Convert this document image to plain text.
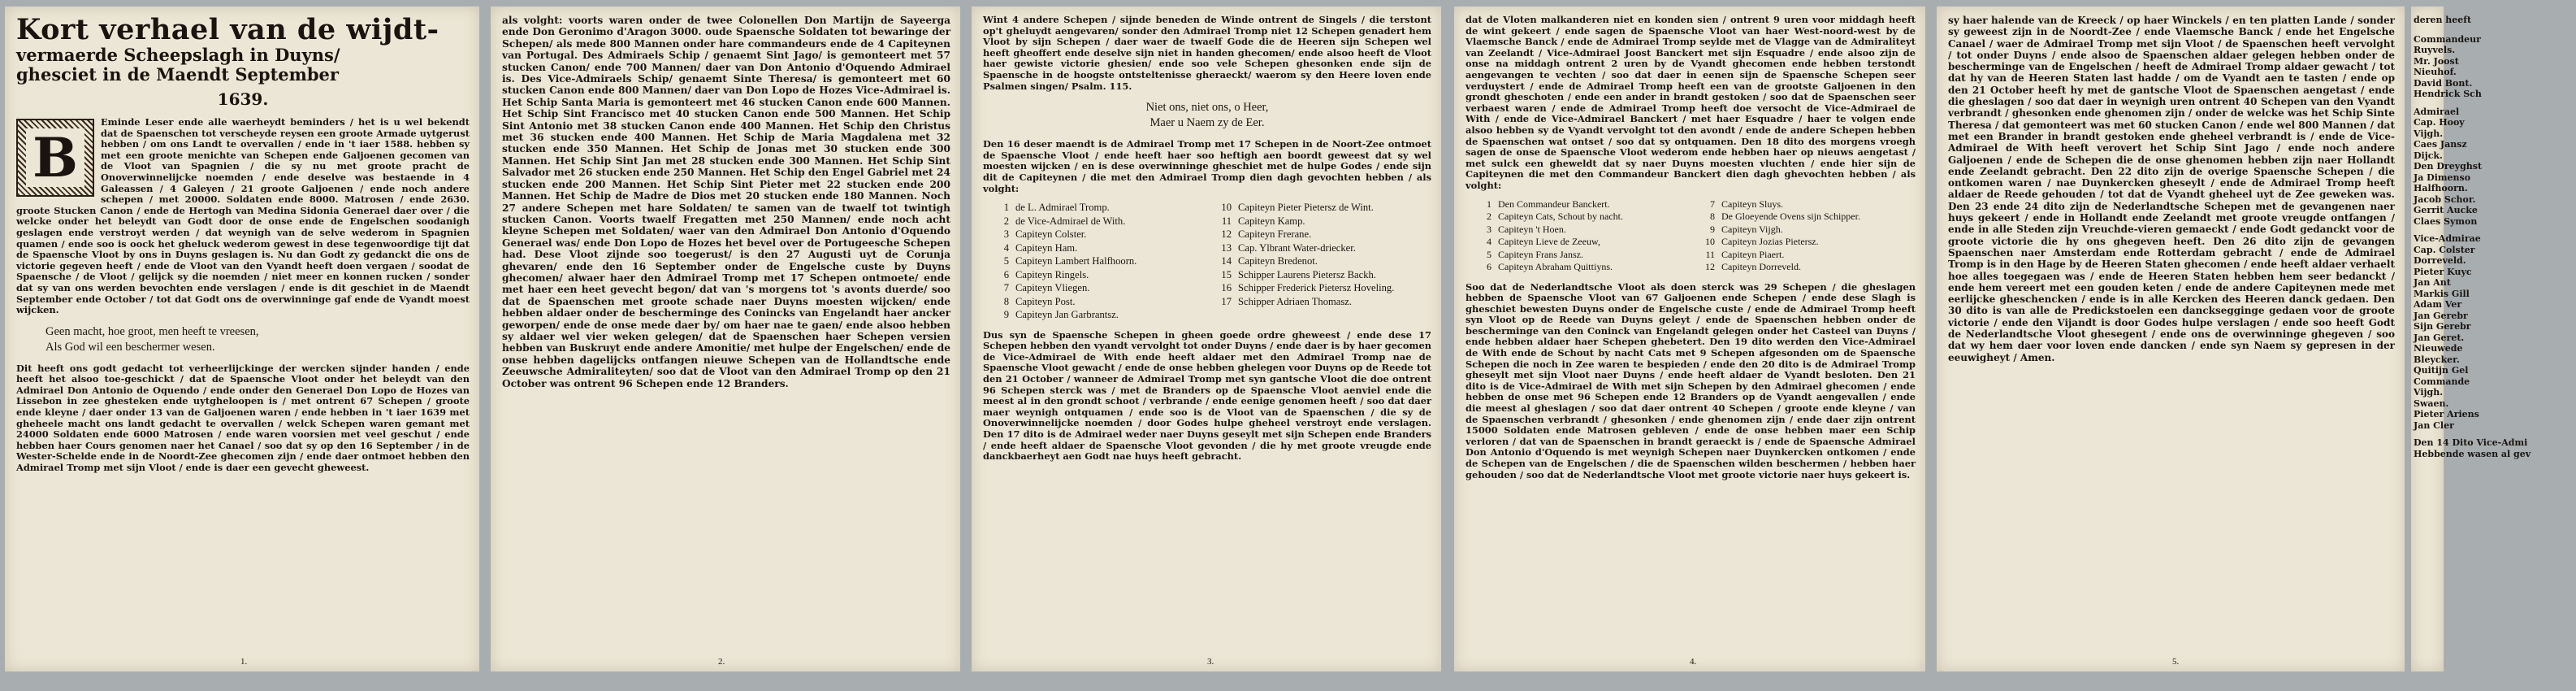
Kort verhael van de wijdt-

vermaerde Scheepslagh in Duyns/

ghesciet in de Maendt September

1639.
B

Eminde Leser ende alle waerheydt beminders / het is u wel bekendt dat de Spaenschen tot verscheyde reysen een groote Armade uytgerust hebben / om ons Landt te overvallen / ende in 't iaer 1588. hebben sy met een groote menichte van Schepen ende Galjoenen gecomen van de Vloot van Spagnien / die sy nu met groote pracht de Onoverwinnelijcke noemden / ende deselve was bestaende in 4 Galeassen / 4 Galeyen / 21 groote Galjoenen / ende noch andere schepen / met 20000. Soldaten ende 8000. Matrosen / ende 2630. groote Stucken Canon / ende de Hertogh van Medina Sidonia Generael daer over / die welcke onder het beleydt van Godt door de onse ende de Engelschen soodanigh geslagen ende verstroyt werden / dat weynigh van de selve wederom in Spagnien quamen / ende soo is oock het gheluck wederom gewest in dese tegenwoordige tijt dat de Spaensche Vloot by ons in Duyns geslagen is. Nu dan Godt zy gedanckt die ons de victorie gegeven heeft / ende de Vloot van den Vyandt heeft doen vergaen / soodat de Spaensche / de Vloot / gelijck sy die noemden / niet meer en konnen rucken / sonder dat sy van ons werden bevochten ende verslagen / ende is dit geschiet in de Maendt September ende October / tot dat Godt ons de overwinninge gaf ende de Vyandt moest wijcken.

Geen macht, hoe groot, men heeft te vreesen,
Als God wil een beschermer wesen.

Dit heeft ons godt gedacht tot verheerlijckinge der wercken sijnder handen / ende heeft het alsoo toe-geschickt / dat de Spaensche Vloot onder het beleydt van den Admirael Don Antonio de Oquendo / ende onder den Generael Don Lopo de Hozes van Lissebon in zee ghesteken ende uytgheloopen is / met ontrent 67 Schepen / groote ende kleyne / daer onder 13 van de Galjoenen waren / ende hebben in 't iaer 1639 met gheheele macht ons landt gedacht te overvallen / welck Schepen waren gemant met 24000 Soldaten ende 6000 Matrosen / ende waren voorsien met veel geschut / ende hebben haer Cours genomen naer het Canael / soo dat sy op den 16 September / in de Wester-Schelde ende in de Noordt-Zee ghecomen zijn / ende daer ontmoet hebben den Admirael Tromp met sijn Vloot / ende is daer een gevecht gheweest.

1.

als volght: voorts waren onder de twee Colonellen Don Martijn de Sayeerga ende Don Geronimo d'Aragon 3000. oude Spaensche Soldaten tot bewaringe der Schepen/ als mede 800 Mannen onder hare commandeurs ende de 4 Capiteynen van Portugal. Des Admiraels Schip / genaemt Sint Jago/ is gemonteert met 57 stucken Canon/ ende 700 Mannen/ daer van Don Antonio d'Oquendo Admirael is. Des Vice-Admiraels Schip/ genaemt Sinte Theresa/ is gemonteert met 60 stucken Canon ende 800 Mannen/ daer van Don Lopo de Hozes Vice-Admirael is. Het Schip Santa Maria is gemonteert met 46 stucken Canon ende 600 Mannen. Het Schip Sint Francisco met 40 stucken Canon ende 500 Mannen. Het Schip Sint Antonio met 38 stucken Canon ende 400 Mannen. Het Schip den Christus met 36 stucken ende 400 Mannen. Het Schip de Maria Magdalena met 32 stucken ende 350 Mannen. Het Schip de Jonas met 30 stucken ende 300 Mannen. Het Schip Sint Jan met 28 stucken ende 300 Mannen. Het Schip Sint Salvador met 26 stucken ende 250 Mannen. Het Schip den Engel Gabriel met 24 stucken ende 200 Mannen. Het Schip Sint Pieter met 22 stucken ende 200 Mannen. Het Schip de Madre de Dios met 20 stucken ende 180 Mannen. Noch 27 andere Schepen met hare Soldaten/ te samen van de twaelf tot twintigh stucken Canon. Voorts twaelf Fregatten met 250 Mannen/ ende noch acht kleyne Schepen met Soldaten/ waer van den Admirael Don Antonio d'Oquendo Generael was/ ende Don Lopo de Hozes het bevel over de Portugeesche Schepen had. Dese Vloot zijnde soo toegerust/ is den 27 Augusti uyt de Corunja ghevaren/ ende den 16 September onder de Engelsche custe by Duyns ghecomen/ alwaer haer den Admirael Tromp met 17 Schepen ontmoete/ ende met haer een heet gevecht begon/ dat van 's morgens tot 's avonts duerde/ soo dat de Spaenschen met groote schade naer Duyns moesten wijcken/ ende hebben aldaer onder de bescherminge des Conincks van Engelandt haer ancker geworpen/ ende de onse mede daer by/ om haer nae te gaen/ ende alsoo hebben sy aldaer wel vier weken gelegen/ dat de Spaenschen haer Schepen versien hebben van Buskruyt ende andere Amonitie/ met hulpe der Engelschen/ ende de onse hebben dagelijcks ontfangen nieuwe Schepen van de Hollandtsche ende Zeeuwsche Admiraliteyten/ soo dat de Vloot van den Admirael Tromp op den 21 October was ontrent 96 Schepen ende 12 Branders.

2.

Wint 4 andere Schepen / sijnde beneden de Winde ontrent de Singels / die terstont op't gheluydt aengevaren/ sonder den Admirael Tromp niet 12 Schepen genadert hem Vloot by sijn Schepen / daer waer de twaelf Gode die de Heeren sijn Schepen wel heeft gheoffert ende deselve sijn niet in handen ghecomen/ ende alsoo heeft de Vloot haer gewiste victorie ghesien/ ende soo vele Schepen ghesonken ende sijn de Spaensche in de hoogste ontsteltenisse gheraeckt/ waerom sy den Heere loven ende Psalmen singen/ Psalm. 115.

Niet ons, niet ons, o Heer,
Maer u Naem zy de Eer.

Den 16 deser maendt is de Admirael Tromp met 17 Schepen in de Noort-Zee ontmoet de Spaensche Vloot / ende heeft haer soo heftigh aen boordt geweest dat sy wel moesten wijcken / en is dese overwinninge gheschiet met de hulpe Godes / ende sijn dit de Capiteynen / die met den Admirael Tromp dien dagh gevochten hebben / als volght:

1 de L. Admirael Tromp.
2 de Vice-Admirael de With.
3 Capiteyn Colster.
4 Capiteyn Ham.
5 Capiteyn Lambert Halfhoorn.
6 Capiteyn Ringels.
7 Capiteyn Vliegen.
8 Capiteyn Post.
9 Capiteyn Jan Garbrantsz.
10 Capiteyn Pieter Pietersz de Wint.
11 Capiteyn Kamp.
12 Capiteyn Frerane.
13 Cap. Ylbrant Water-driecker.
14 Capiteyn Bredenot.
15 Schipper Laurens Pietersz Backh.
16 Schipper Frederick Pietersz Hoveling.
17 Schipper Adriaen Thomasz.

Dus syn de Spaensche Schepen in gheen goede ordre gheweest / ende dese 17 Schepen hebben den vyandt vervolght tot onder Duyns / ende daer is by haer gecomen de Vice-Admirael de With ende heeft aldaer met den Admirael Tromp nae de Spaensche Vloot gewacht / ende de onse hebben ghelegen voor Duyns op de Reede tot den 21 October / wanneer de Admirael Tromp met syn gantsche Vloot die doe ontrent 96 Schepen sterck was / met de Branders op de Spaensche Vloot aenviel ende die meest al in den grondt schoot / verbrande / ende eenige genomen heeft / soo dat daer maer weynigh ontquamen / ende soo is de Vloot van de Spaenschen / die sy de Onoverwinnelijcke noemden / door Godes hulpe gheheel verstroyt ende verslagen. Den 17 dito is de Admirael weder naer Duyns geseylt met sijn Schepen ende Branders / ende heeft aldaer de Spaensche Vloot gevonden / die hy met groote vreugde ende danckbaerheyt aen Godt nae huys heeft gebracht.

3.

dat de Vloten malkanderen niet en konden sien / ontrent 9 uren voor middagh heeft de wint gekeert / ende sagen de Spaensche Vloot van haer West-noord-west by de Vlaemsche Banck / ende de Admirael Tromp seylde met de Vlagge van de Admiraliteyt van Zeelandt / Vice-Admirael Joost Banckert met sijn Esquadre / ende alsoo zijn de onse na middagh ontrent 2 uren by de Vyandt ghecomen ende hebben terstondt aengevangen te vechten / soo dat daer in eenen sijn de Spaensche Schepen seer verduystert / ende de Admirael Tromp heeft een van de grootste Galjoenen in den grondt gheschoten / ende een ander in brandt gestoken / soo dat de Spaenschen seer verbaest waren / ende de Admirael Tromp heeft doe versocht de Vice-Admirael de With / ende de Vice-Admirael Banckert / met haer Esquadre / haer te volgen ende alsoo hebben sy de Vyandt vervolght tot den avondt / ende de andere Schepen hebben de Spaenschen wat ontset / soo dat sy ontquamen. Den 18 dito des morgens vroegh sagen de onse de Spaensche Vloot wederom ende hebben haer op nieuws aengetast / met sulck een gheweldt dat sy naer Duyns moesten vluchten / ende hier sijn de Capiteynen die met den Commandeur Banckert dien dagh ghevochten hebben / als volght:

1 Den Commandeur Banckert.
2 Capiteyn Cats, Schout by nacht.
3 Capiteyn 't Hoen.
4 Capiteyn Lieve de Zeeuw,
5 Capiteyn Frans Jansz.
6 Capiteyn Abraham Quittiyns.
7 Capiteyn Sluys.
8 De Gloeyende Ovens sijn Schipper.
9 Capiteyn Vijgh.
10 Capiteyn Jozias Pietersz.
11 Capiteyn Piaert.
12 Capiteyn Dorreveld.

Soo dat de Nederlandtsche Vloot als doen sterck was 29 Schepen / die gheslagen hebben de Spaensche Vloot van 67 Galjoenen ende Schepen / ende dese Slagh is gheschiet bewesten Duyns onder de Engelsche custe / ende de Admirael Tromp heeft syn Vloot op de Reede van Duyns geleyt / ende de Spaenschen hebben onder de bescherminge van den Coninck van Engelandt gelegen onder het Casteel van Duyns / ende hebben aldaer haer Schepen ghebetert. Den 19 dito werden den Vice-Admirael de With ende de Schout by nacht Cats met 9 Schepen afgesonden om de Spaensche Schepen die noch in Zee waren te bespieden / ende den 20 dito is de Admirael Tromp gheseylt met sijn Vloot naer Duyns / ende heeft aldaer de Vyandt besloten. Den 21 dito is de Vice-Admirael de With met sijn Schepen by den Admirael ghecomen / ende hebben de onse met 96 Schepen ende 12 Branders op de Vyandt aengevallen / ende die meest al gheslagen / soo dat daer ontrent 40 Schepen / groote ende kleyne / van de Spaenschen verbrandt / ghesonken / ende ghenomen zijn / ende daer zijn ontrent 15000 Soldaten ende Matrosen gebleven / ende de onse hebben maer een Schip verloren / dat van de Spaenschen in brandt geraeckt is / ende de Spaensche Admirael Don Antonio d'Oquendo is met weynigh Schepen naer Duynkercken ontkomen / ende de Schepen van de Engelschen / die de Spaenschen wilden beschermen / hebben haer gehouden / soo dat de Nederlandtsche Vloot met groote victorie naer huys gekeert is.

4.

sy haer halende van de Kreeck / op haer Winckels / en ten platten Lande / sonder sy geweest zijn in de Noordt-Zee / ende Vlaemsche Banck / ende het Engelsche Canael / waer de Admirael Tromp met sijn Vloot / de Spaenschen heeft vervolght / tot onder Duyns / ende alsoo de Spaenschen aldaer gelegen hebben onder de bescherminge van de Engelschen / heeft de Admirael Tromp aldaer gewacht / tot dat hy van de Heeren Staten last hadde / om de Vyandt aen te tasten / ende op den 21 October heeft hy met de gantsche Vloot de Spaenschen aengetast / ende die gheslagen / soo dat daer in weynigh uren ontrent 40 Schepen van den Vyandt verbrandt / ghesonken ende ghenomen zijn / onder de welcke was het Schip Sinte Theresa / dat gemonteert was met 60 stucken Canon / ende wel 800 Mannen / dat met een Brander in brandt gestoken ende gheheel verbrandt is / ende de Vice-Admirael de With heeft verovert het Schip Sint Jago / ende noch andere Galjoenen / ende de Schepen die de onse ghenomen hebben zijn naer Hollandt ende Zeelandt gebracht. Den 22 dito zijn de overige Spaensche Schepen / die ontkomen waren / nae Duynkercken gheseylt / ende de Admirael Tromp heeft aldaer de Reede gehouden / tot dat de Vyandt gheheel uyt de Zee geweken was. Den 23 ende 24 dito zijn de Nederlandtsche Schepen met de gevangenen naer huys gekeert / ende in Hollandt ende Zeelandt met groote vreugde ontfangen / ende in alle Steden zijn Vreuchde-vieren gemaeckt / ende Godt gedanckt voor de groote victorie die hy ons ghegeven heeft. Den 26 dito zijn de gevangen Spaenschen naer Amsterdam ende Rotterdam gebracht / ende de Admirael Tromp is in den Hage by de Heeren Staten ghecomen / ende heeft aldaer verhaelt hoe alles toegegaen was / ende de Heeren Staten hebben hem seer bedanckt / ende hem vereert met een gouden keten / ende de andere Capiteynen mede met eerlijcke gheschencken / ende is in alle Kercken des Heeren danck gedaen. Den 30 dito is van alle de Predickstoelen een dancksegginge gedaen voor de groote victorie / ende den Vijandt is door Godes hulpe verslagen / ende soo heeft Godt de Nederlandtsche Vloot ghesegent / ende ons de overwinninge ghegeven / soo dat wy hem daer voor loven ende dancken / ende syn Naem sy gepresen in der eeuwigheyt / Amen.

5.
deren heeft
Commandeur
Ruyvels.
Mr. Joost
Nieuhof.
David Bont.
Hendrick Sch
Admirael
Cap. Hooy
Vijgh.
Caes Jansz
Dijck.
Den Dreyghst
Ja Dimenso
Halfhoorn.
Jacob Schor.
Gerrit Aucke
Claes Symon
Vice-Admirae
Cap. Colster
Dorreveld.
Pieter Kuyc
Jan Ant
Markis Gill
Adam Ver
Jan Gerebr
Sijn Gerebr
Jan Geret.
Nieuwede
Bleycker.
Quitijn Gel
Commande
Vijgh.
Swaen.
Pieter Ariens
Jan Cler
Den 14 Dito Vice-Admi Hebbende wasen al gev
